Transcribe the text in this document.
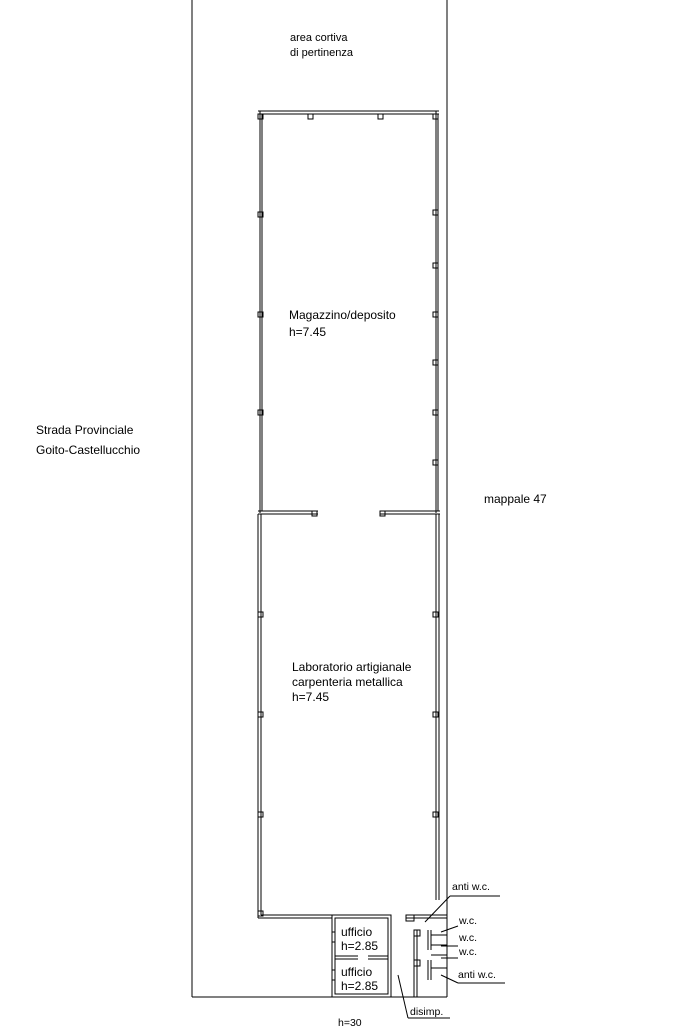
area cortiva
di pertinenza
Strada Provinciale
Goito-Castellucchio
mappale 47
Magazzino/deposito
h=7.45
Laboratorio artigianale
carpenteria metallica
h=7.45
ufficio
h=2.85
ufficio
h=2.85
anti w.c.
w.c.
w.c.
w.c.
anti w.c.
disimp.
h=30
